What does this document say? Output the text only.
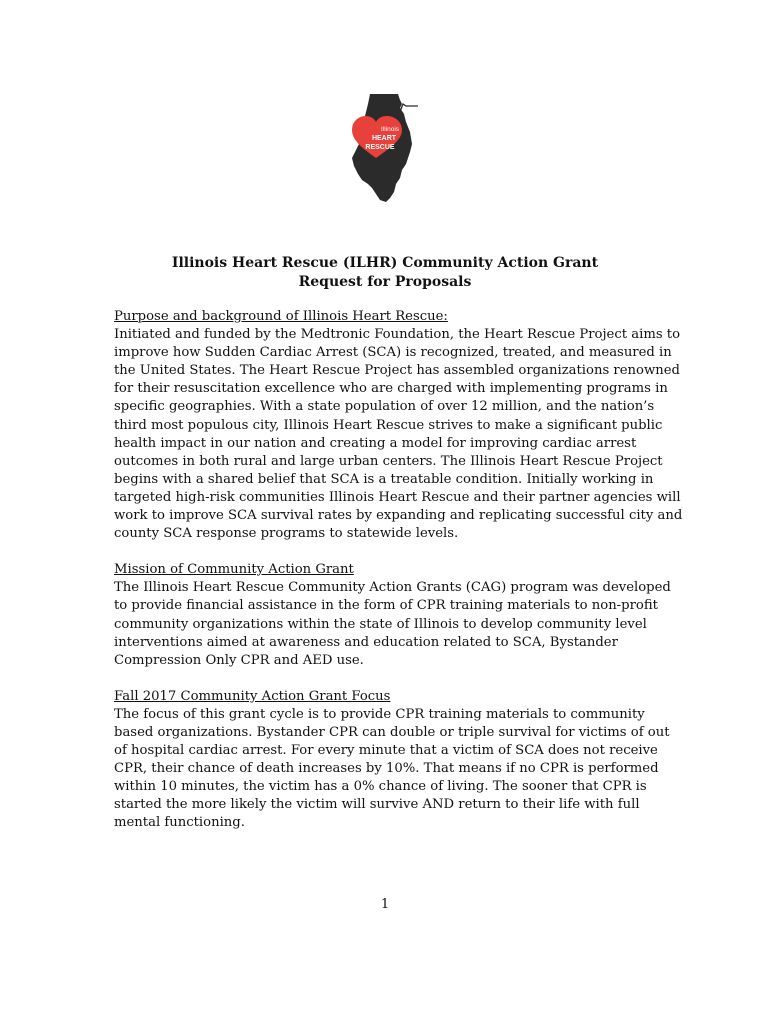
Illinois
HEART
RESCUE
Illinois Heart Rescue (ILHR) Community Action Grant
Request for Proposals
Purpose and background of Illinois Heart Rescue:
Initiated and funded by the Medtronic Foundation, the Heart Rescue Project aims to
improve how Sudden Cardiac Arrest (SCA) is recognized, treated, and measured in
the United States. The Heart Rescue Project has assembled organizations renowned
for their resuscitation excellence who are charged with implementing programs in
specific geographies. With a state population of over 12 million, and the nation’s
third most populous city, Illinois Heart Rescue strives to make a significant public
health impact in our nation and creating a model for improving cardiac arrest
outcomes in both rural and large urban centers. The Illinois Heart Rescue Project
begins with a shared belief that SCA is a treatable condition. Initially working in
targeted high-risk communities Illinois Heart Rescue and their partner agencies will
work to improve SCA survival rates by expanding and replicating successful city and
county SCA response programs to statewide levels.
Mission of Community Action Grant
The Illinois Heart Rescue Community Action Grants (CAG) program was developed
to provide financial assistance in the form of CPR training materials to non-profit
community organizations within the state of Illinois to develop community level
interventions aimed at awareness and education related to SCA, Bystander
Compression Only CPR and AED use.
Fall 2017 Community Action Grant Focus
The focus of this grant cycle is to provide CPR training materials to community
based organizations. Bystander CPR can double or triple survival for victims of out
of hospital cardiac arrest. For every minute that a victim of SCA does not receive
CPR, their chance of death increases by 10%. That means if no CPR is performed
within 10 minutes, the victim has a 0% chance of living. The sooner that CPR is
started the more likely the victim will survive AND return to their life with full
mental functioning.
1
